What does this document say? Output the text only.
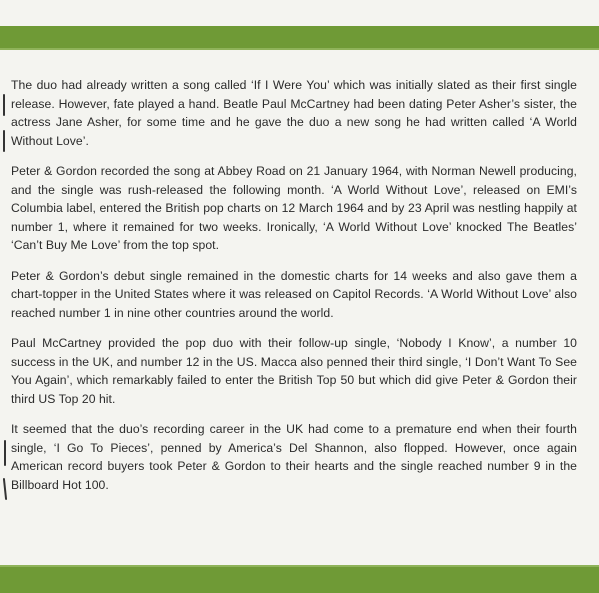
The duo had already written a song called ‘If I Were You’ which was initially slated as their first single release. However, fate played a hand. Beatle Paul McCartney had been dating Peter Asher’s sister, the actress Jane Asher, for some time and he gave the duo a new song he had written called ‘A World Without Love’.

Peter & Gordon recorded the song at Abbey Road on 21 January 1964, with Norman Newell producing, and the single was rush-released the following month. ‘A World Without Love’, released on EMI’s Columbia label, entered the British pop charts on 12 March 1964 and by 23 April was nestling happily at number 1, where it remained for two weeks. Ironically, ‘A World Without Love’ knocked The Beatles’ ‘Can’t Buy Me Love’ from the top spot.

Peter & Gordon’s debut single remained in the domestic charts for 14 weeks and also gave them a chart-topper in the United States where it was released on Capitol Records. ‘A World Without Love’ also reached number 1 in nine other countries around the world.

Paul McCartney provided the pop duo with their follow-up single, ‘Nobody I Know’, a number 10 success in the UK, and number 12 in the US. Macca also penned their third single, ‘I Don’t Want To See You Again’, which remarkably failed to enter the British Top 50 but which did give Peter & Gordon their third US Top 20 hit.

It seemed that the duo’s recording career in the UK had come to a premature end when their fourth single, ‘I Go To Pieces’, penned by America’s Del Shannon, also flopped. However, once again American record buyers took Peter & Gordon to their hearts and the single reached number 9 in the Billboard Hot 100.
